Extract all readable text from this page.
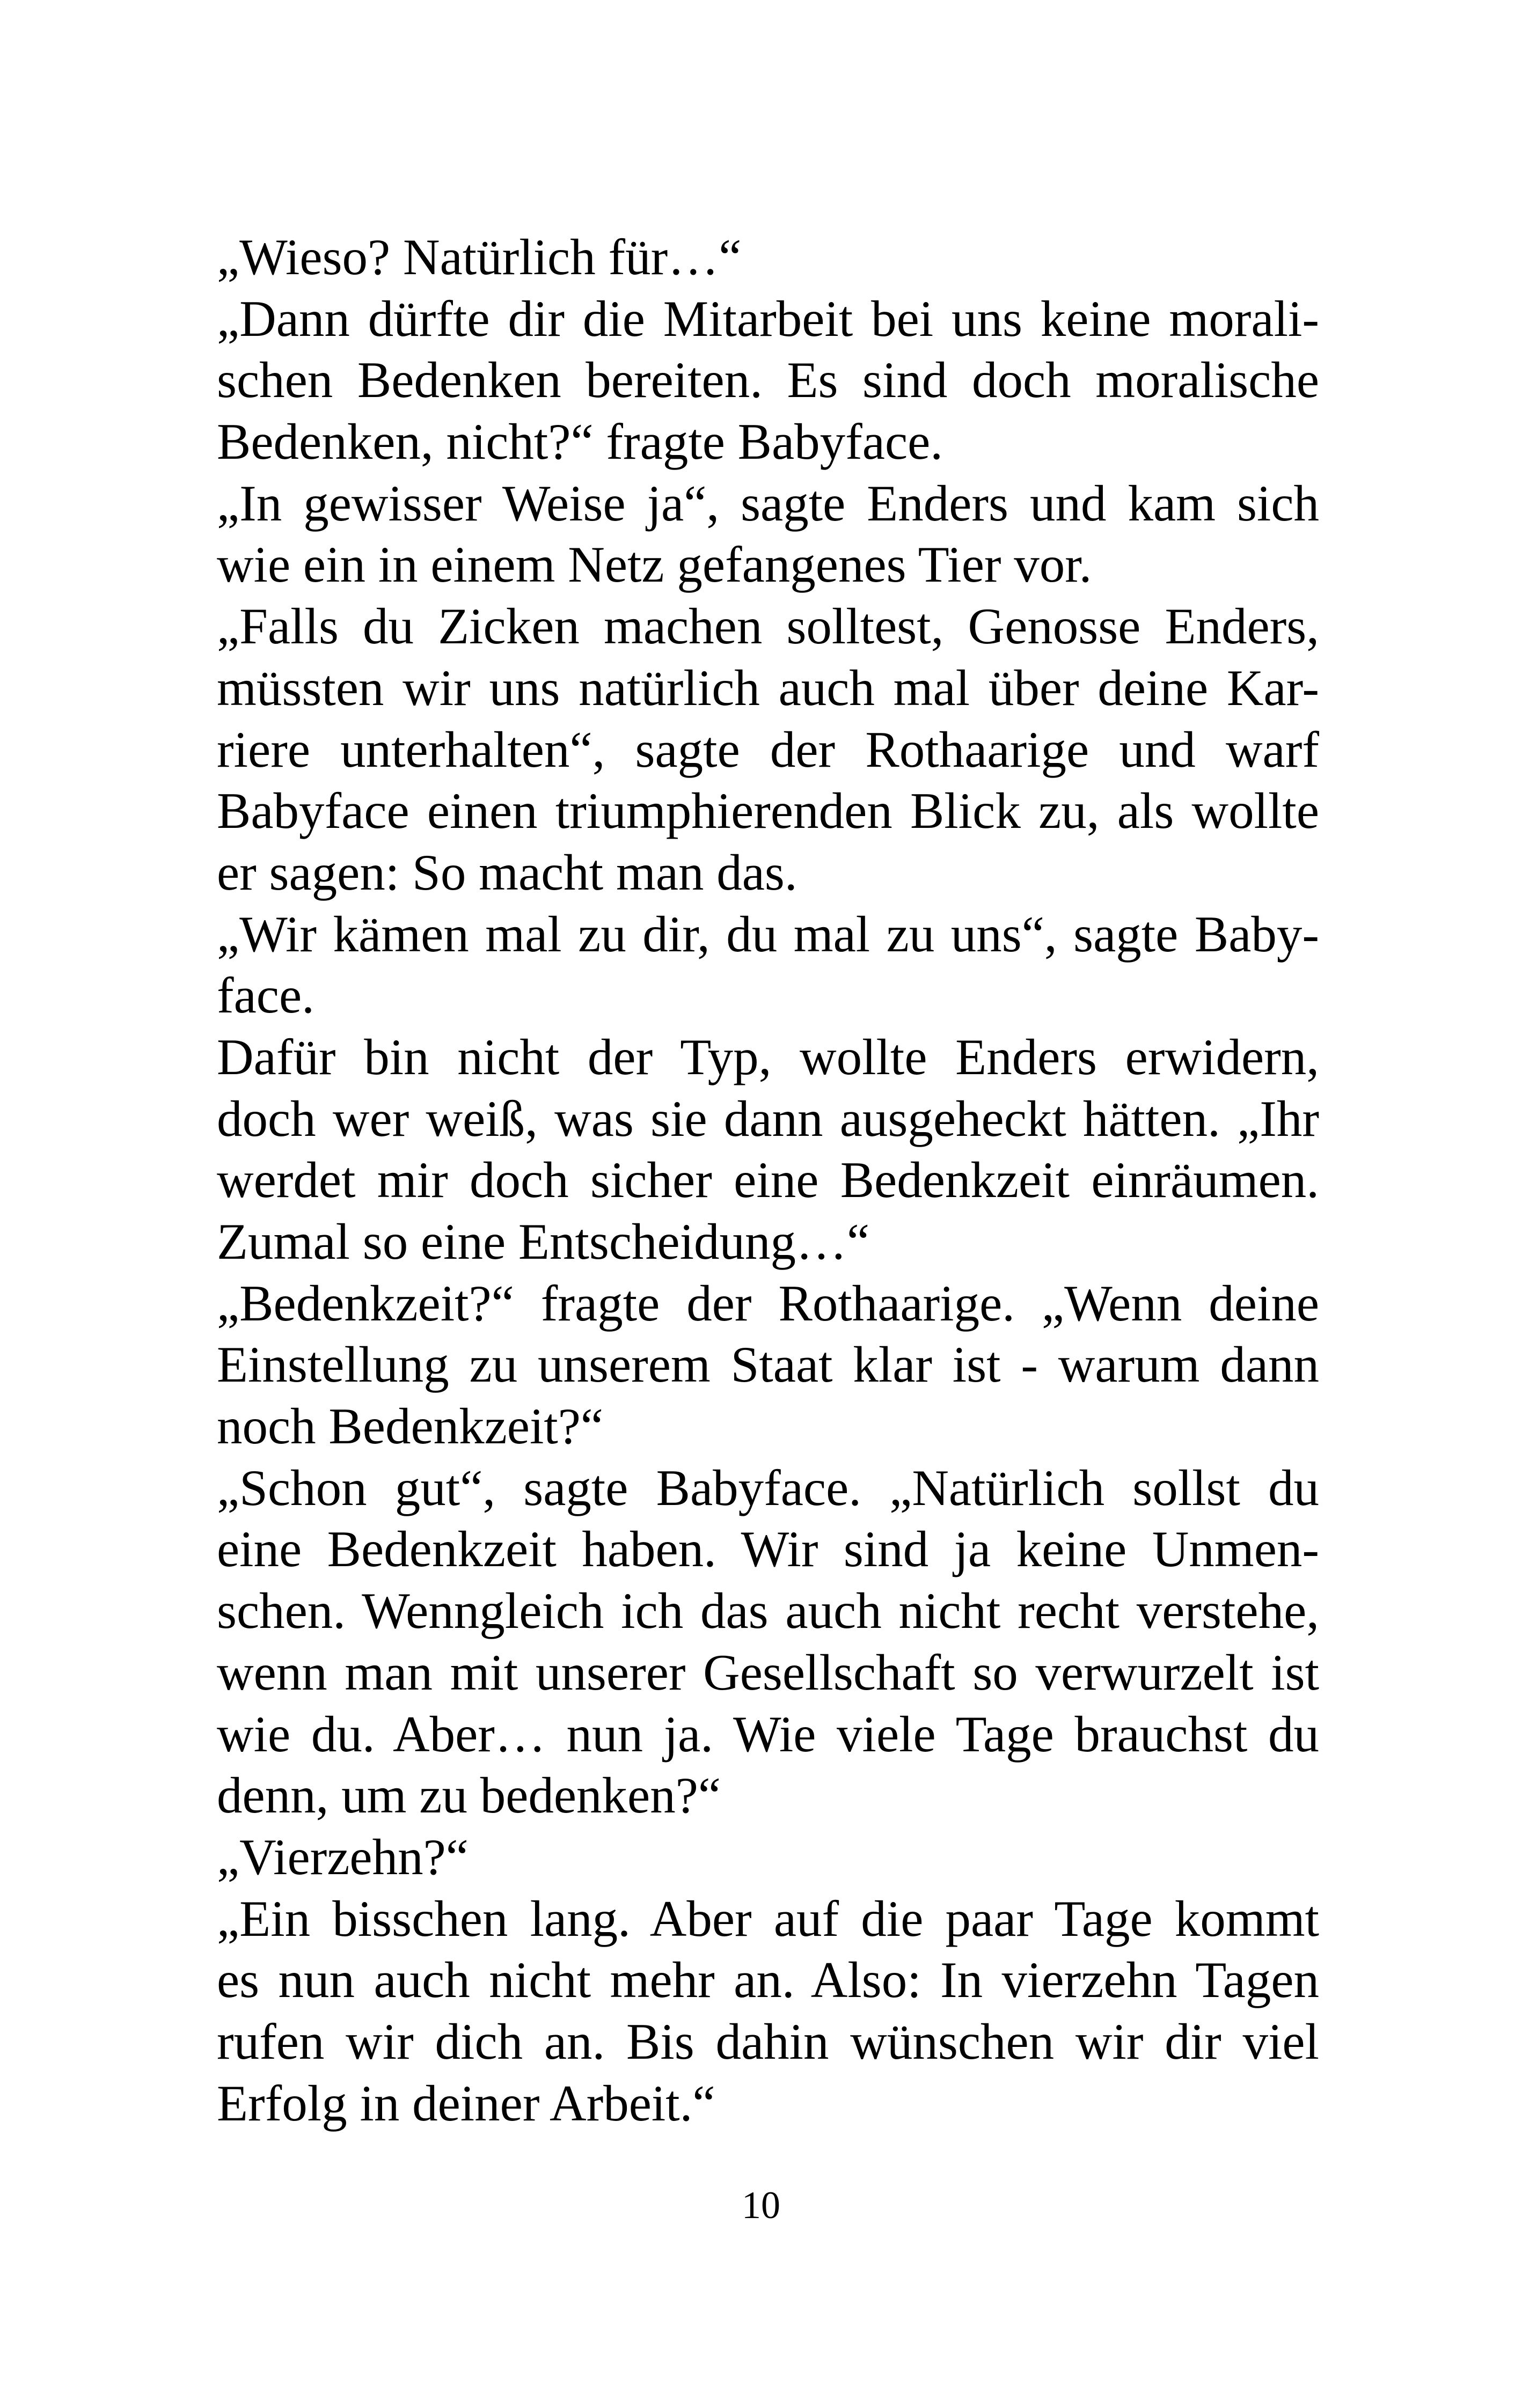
„Wieso? Natürlich für…“
„Dann dürfte dir die Mitarbeit bei uns keine morali-
schen Bedenken bereiten. Es sind doch moralische
Bedenken, nicht?“ fragte Babyface.
„In gewisser Weise ja“, sagte Enders und kam sich
wie ein in einem Netz gefangenes Tier vor.
„Falls du Zicken machen solltest, Genosse Enders,
müssten wir uns natürlich auch mal über deine Kar-
riere unterhalten“, sagte der Rothaarige und warf
Babyface einen triumphierenden Blick zu, als wollte
er sagen: So macht man das.
„Wir kämen mal zu dir, du mal zu uns“, sagte Baby-
face.
Dafür bin nicht der Typ, wollte Enders erwidern,
doch wer weiß, was sie dann ausgeheckt hätten. „Ihr
werdet mir doch sicher eine Bedenkzeit einräumen.
Zumal so eine Entscheidung…“
„Bedenkzeit?“ fragte der Rothaarige. „Wenn deine
Einstellung zu unserem Staat klar ist - warum dann
noch Bedenkzeit?“
„Schon gut“, sagte Babyface. „Natürlich sollst du
eine Bedenkzeit haben. Wir sind ja keine Unmen-
schen. Wenngleich ich das auch nicht recht verstehe,
wenn man mit unserer Gesellschaft so verwurzelt ist
wie du. Aber… nun ja. Wie viele Tage brauchst du
denn, um zu bedenken?“
„Vierzehn?“
„Ein bisschen lang. Aber auf die paar Tage kommt
es nun auch nicht mehr an. Also: In vierzehn Tagen
rufen wir dich an. Bis dahin wünschen wir dir viel
Erfolg in deiner Arbeit.“
10
